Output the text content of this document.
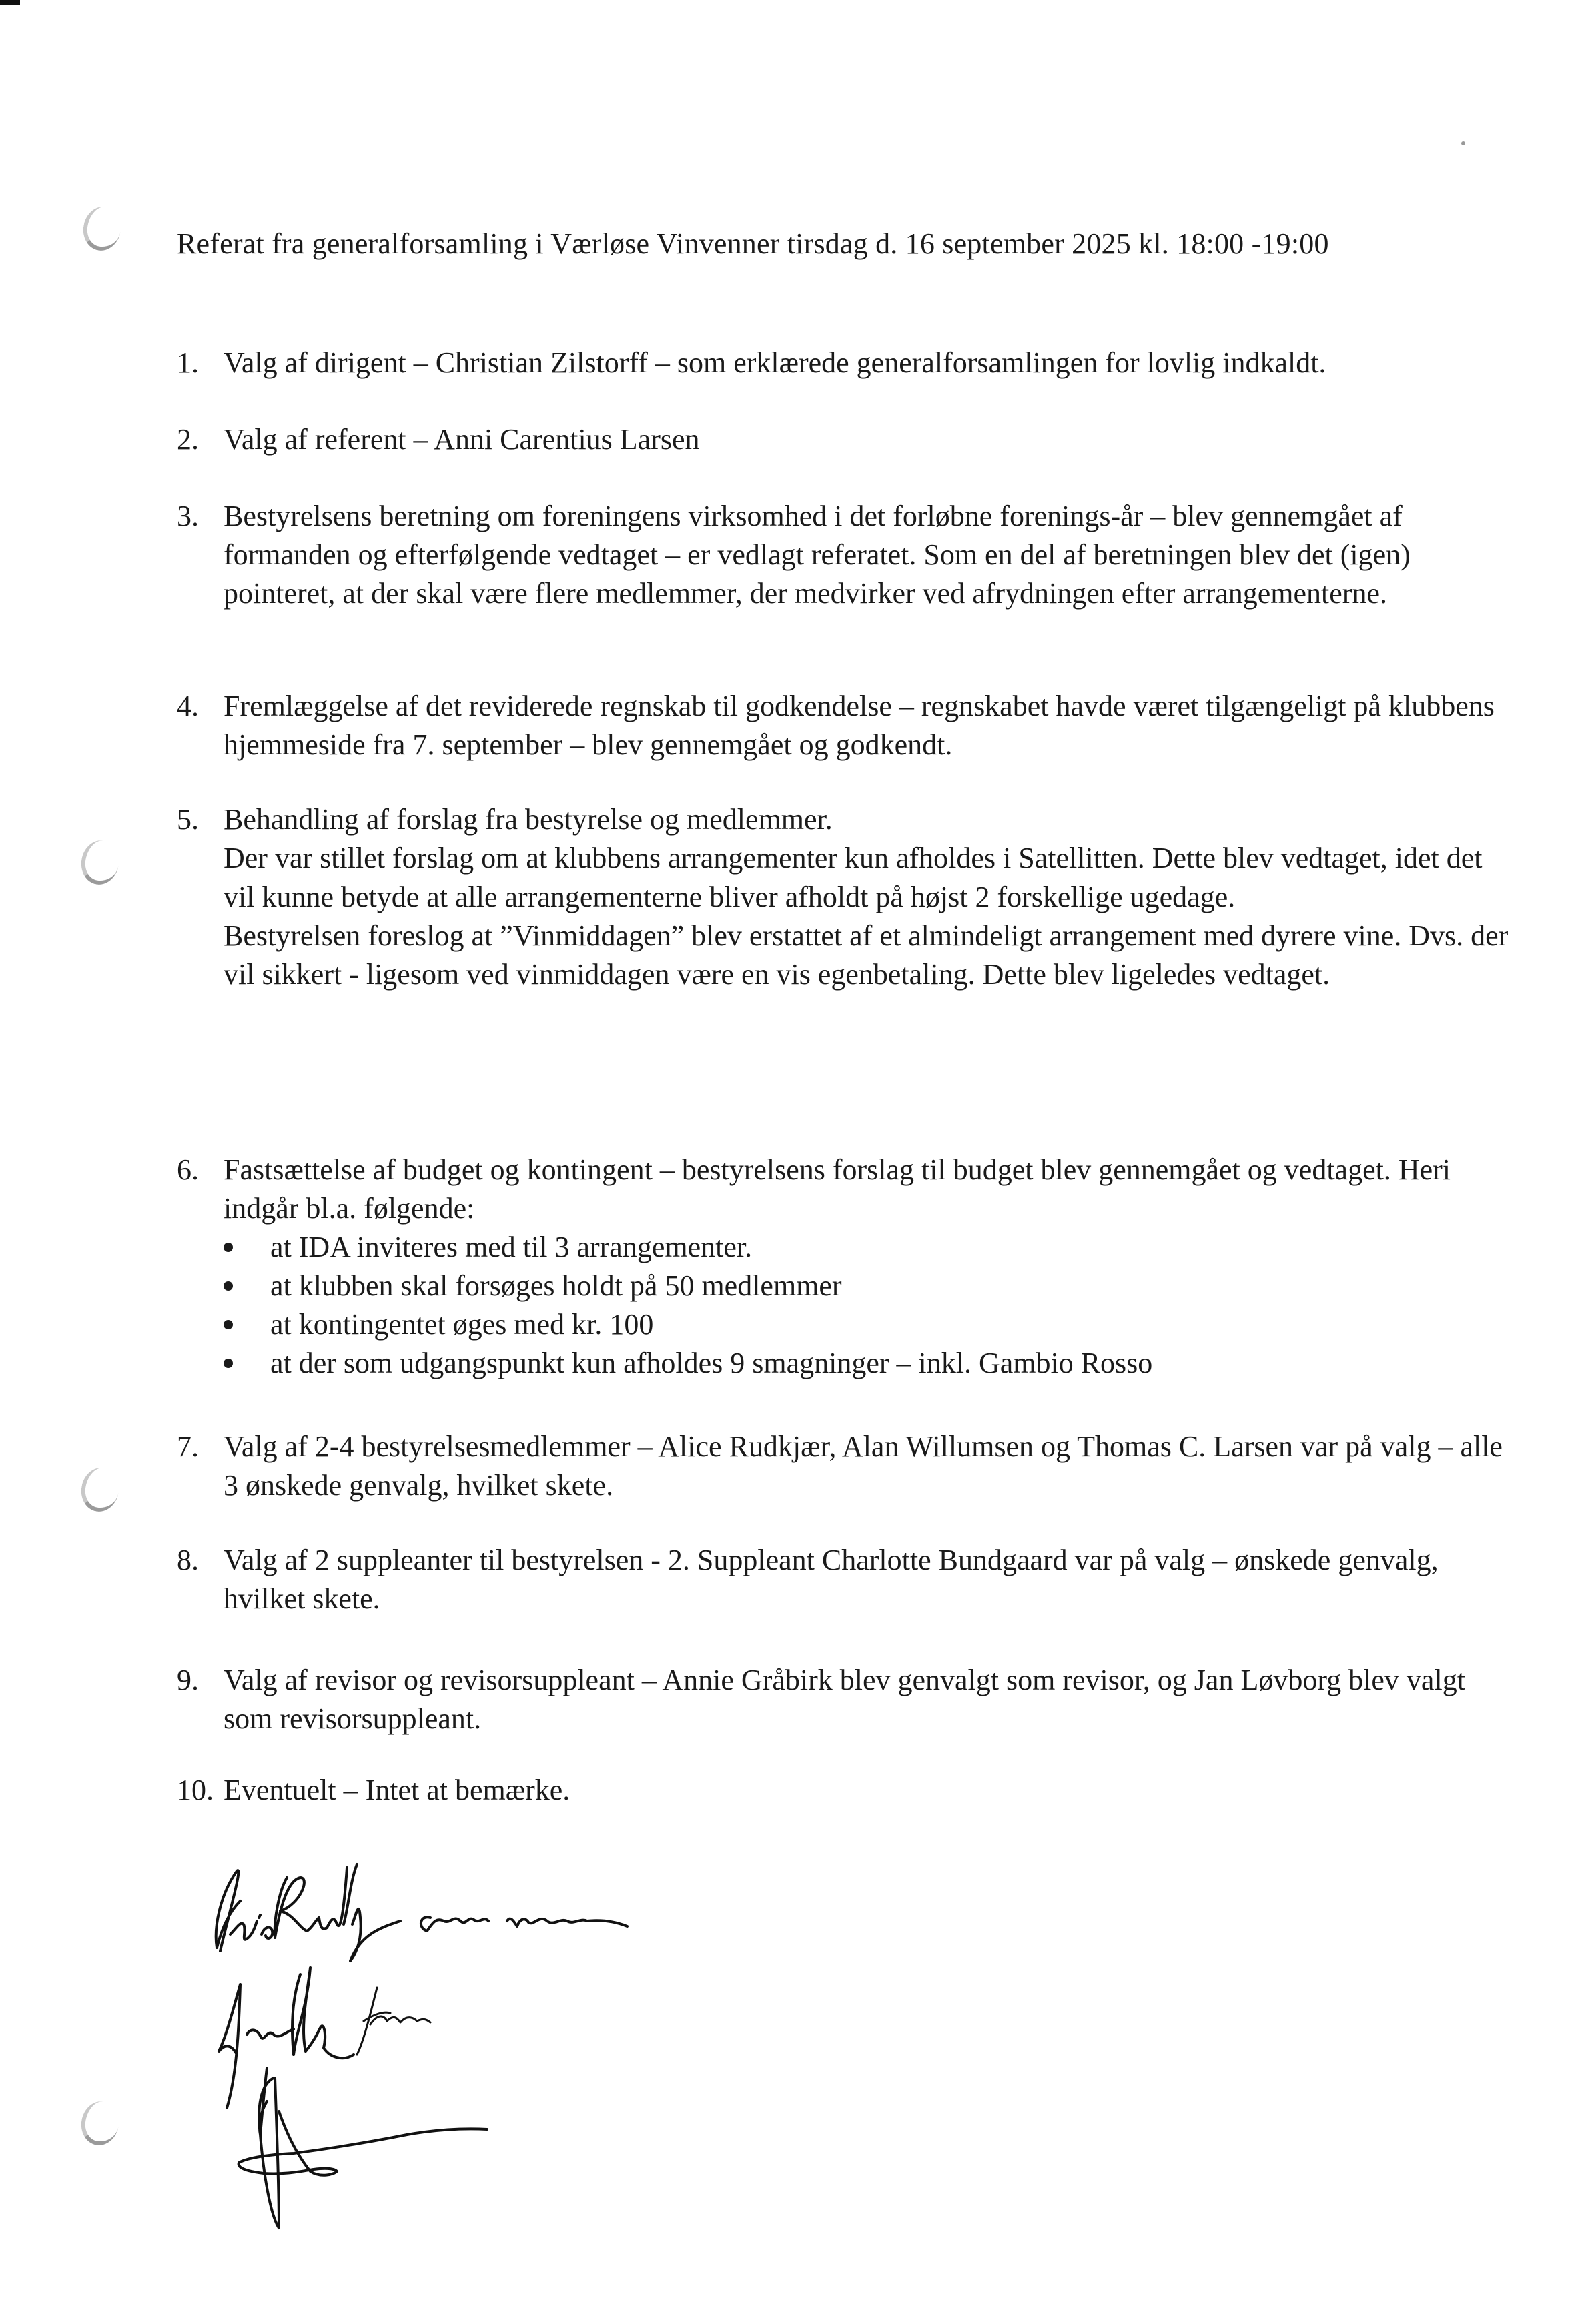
Referat fra generalforsamling i Værløse Vinvenner tirsdag d. 16 september 2025 kl. 18:00 -19:00
1. Valg af dirigent – Christian Zilstorff – som erklærede generalforsamlingen for lovlig indkaldt.
2. Valg af referent – Anni Carentius Larsen
3. Bestyrelsens beretning om foreningens virksomhed i det forløbne forenings-år – blev gennemgået af formanden og efterfølgende vedtaget – er vedlagt referatet. Som en del af beretningen blev det (igen) pointeret, at der skal være flere medlemmer, der medvirker ved afrydningen efter arrangementerne.
4. Fremlæggelse af det reviderede regnskab til godkendelse – regnskabet havde været tilgængeligt på klubbens hjemmeside fra 7. september – blev gennemgået og godkendt.
5. Behandling af forslag fra bestyrelse og medlemmer.
Der var stillet forslag om at klubbens arrangementer kun afholdes i Satellitten. Dette blev vedtaget, idet det vil kunne betyde at alle arrangementerne bliver afholdt på højst 2 forskellige ugedage.
Bestyrelsen foreslog at ”Vinmiddagen” blev erstattet af et almindeligt arrangement med dyrere vine. Dvs. der vil sikkert - ligesom ved vinmiddagen være en vis egenbetaling. Dette blev ligeledes vedtaget.
6. Fastsættelse af budget og kontingent – bestyrelsens forslag til budget blev gennemgået og vedtaget. Heri indgår bl.a. følgende:
at IDA inviteres med til 3 arrangementer.
at klubben skal forsøges holdt på 50 medlemmer
at kontingentet øges med kr. 100
at der som udgangspunkt kun afholdes 9 smagninger – inkl. Gambio Rosso
7. Valg af 2-4 bestyrelsesmedlemmer – Alice Rudkjær, Alan Willumsen og Thomas C. Larsen var på valg – alle 3 ønskede genvalg, hvilket skete.
8. Valg af 2 suppleanter til bestyrelsen - 2. Suppleant Charlotte Bundgaard var på valg – ønskede genvalg, hvilket skete.
9. Valg af revisor og revisorsuppleant – Annie Gråbirk blev genvalgt som revisor, og Jan Løvborg blev valgt som revisorsuppleant.
10. Eventuelt – Intet at bemærke.
